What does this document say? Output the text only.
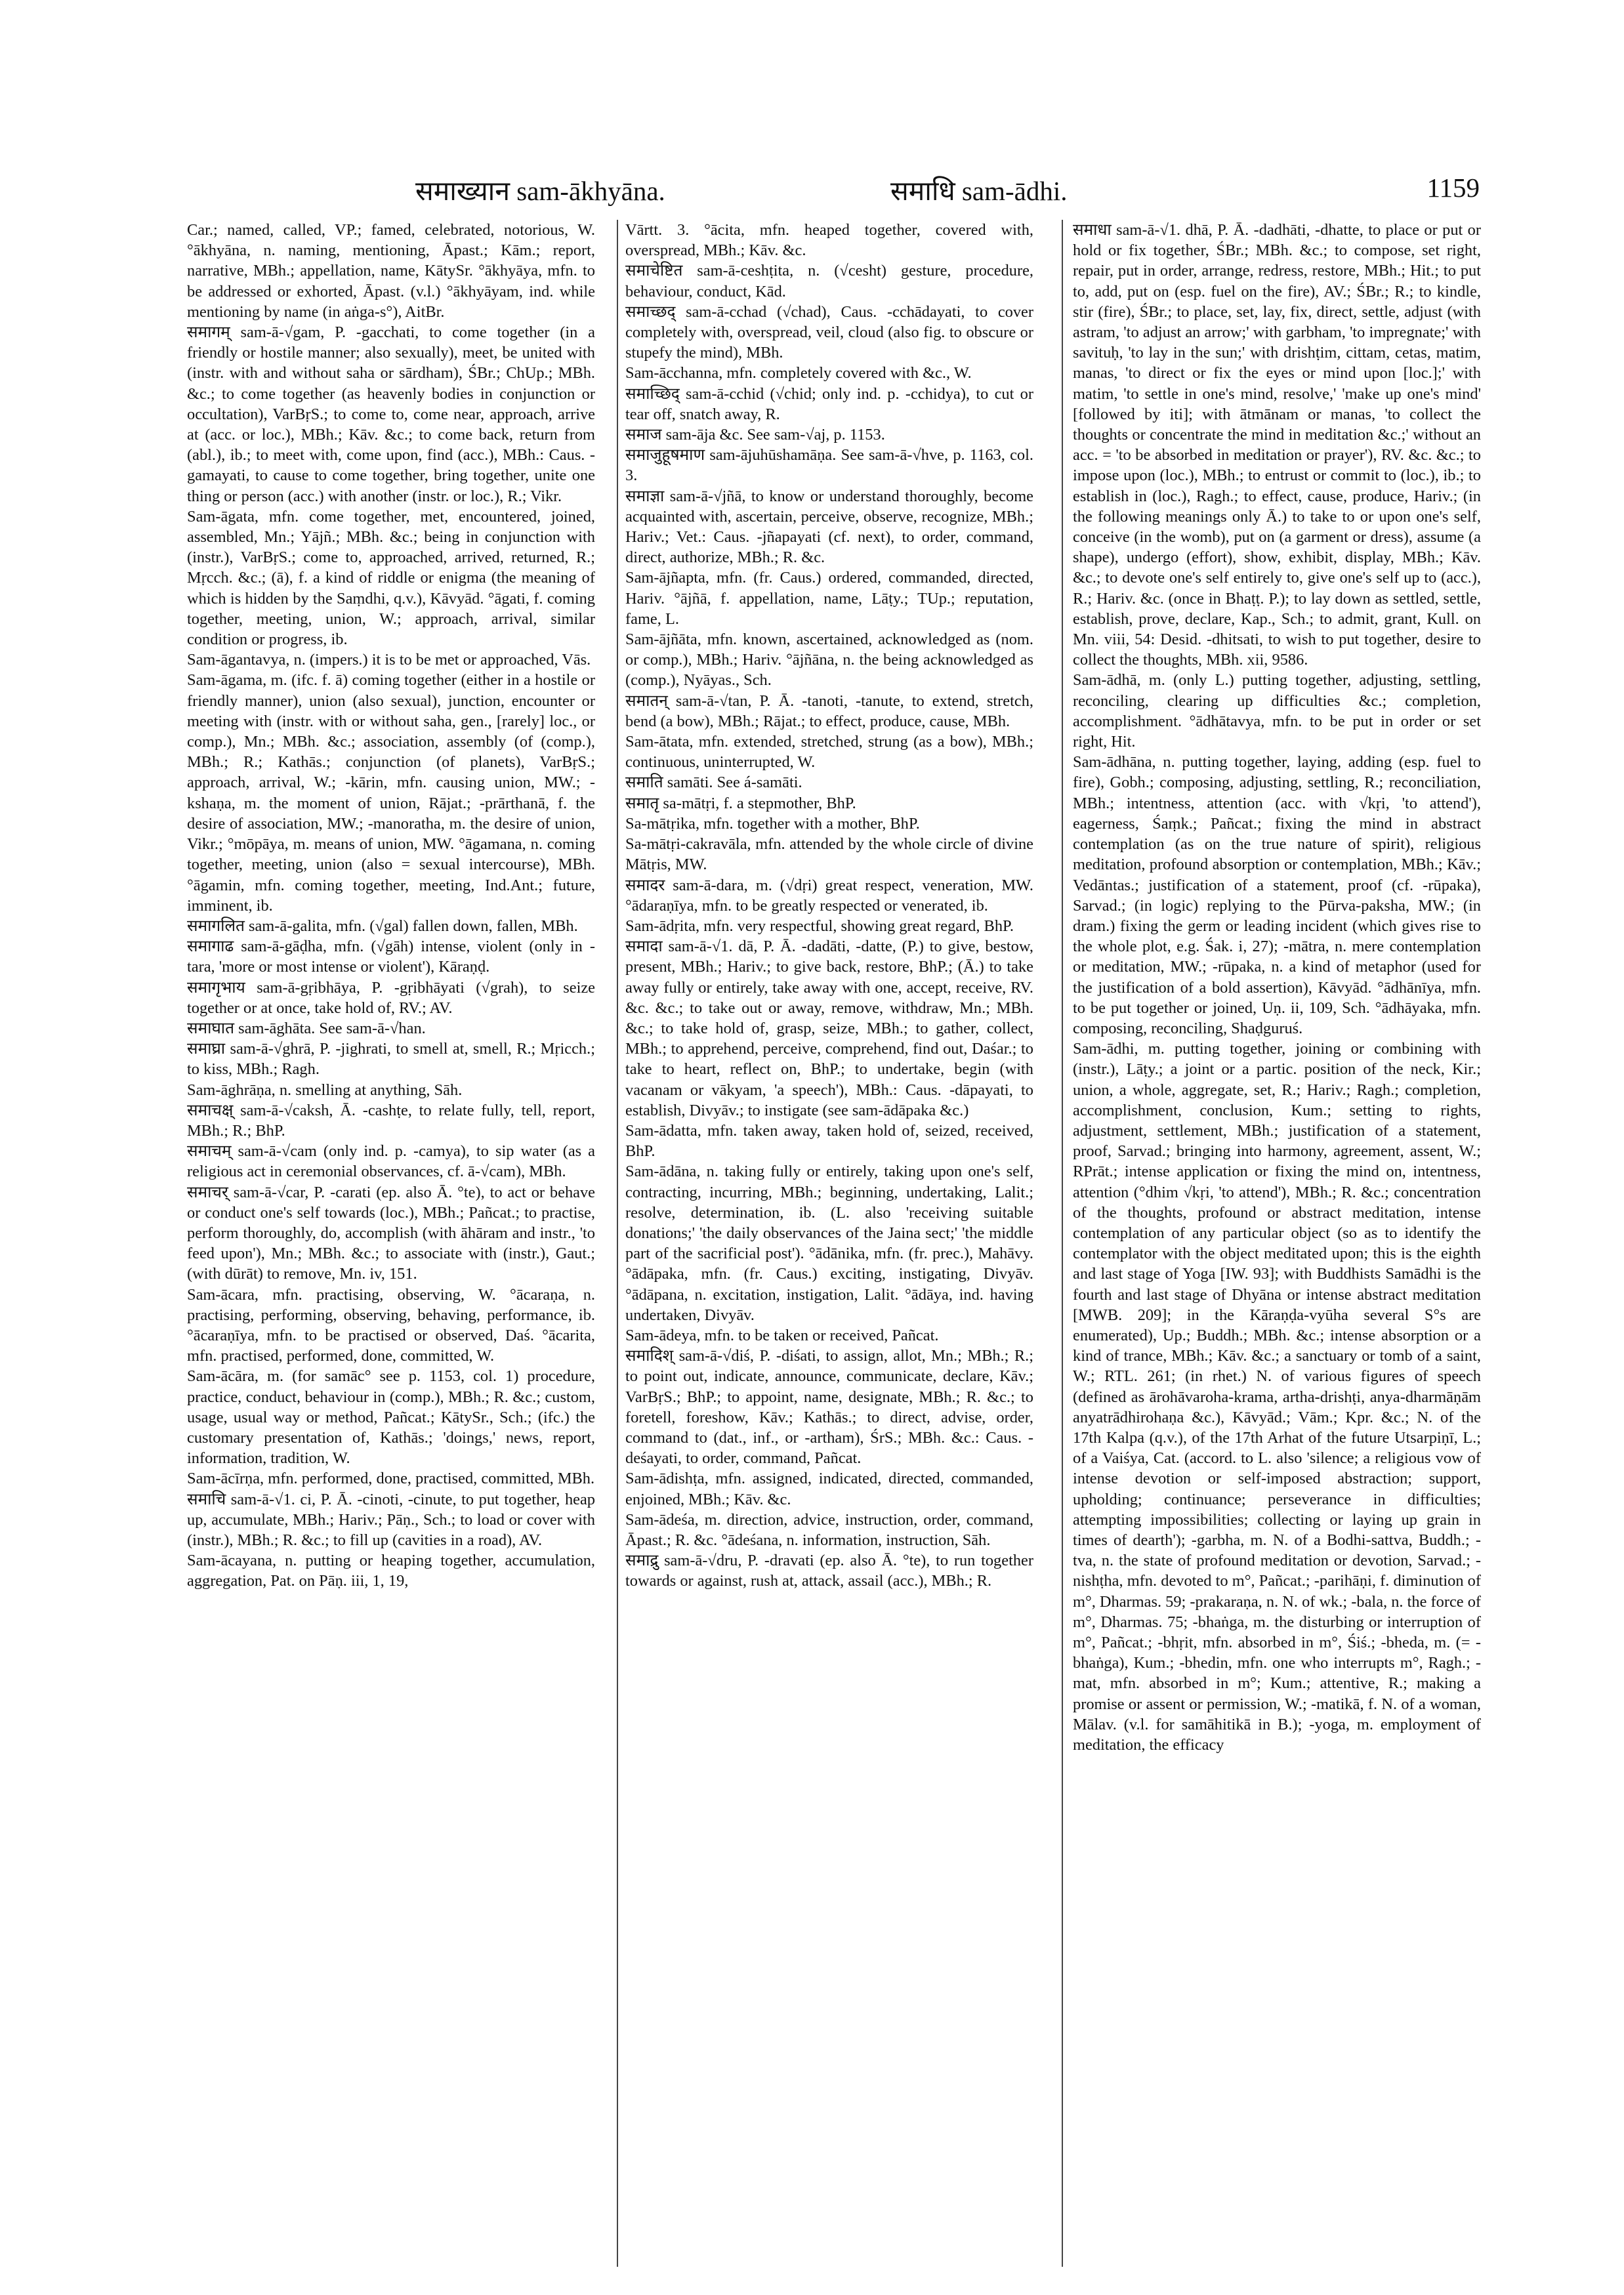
समाख्यान sam-ākhyāna.	समाधि sam-ādhi.	1159

Car.; named, called, VP.; famed, celebrated, notorious, W. °ākhyāna, n. naming, mentioning, Āpast.; Kām.; report, narrative, MBh.; appellation, name, KātySr. °ākhyāya, mfn. to be addressed or exhorted, Āpast. (v.l.) °ākhyāyam, ind. while mentioning by name (in aṅga-s°), AitBr.

समागम् sam-ā-√gam, P. -gacchati, to come together (in a friendly or hostile manner; also sexually), meet, be united with (instr. with and without saha or sārdham), ŚBr.; ChUp.; MBh. &c.; to come together (as heavenly bodies in conjunction or occultation), VarBṛS.; to come to, come near, approach, arrive at (acc. or loc.), MBh.; Kāv. &c.; to come back, return from (abl.), ib.; to meet with, come upon, find (acc.), MBh.: Caus. -gamayati, to cause to come together, bring together, unite one thing or person (acc.) with another (instr. or loc.), R.; Vikr.

Sam-āgata, mfn. come together, met, encountered, joined, assembled, Mn.; Yājñ.; MBh. &c.; being in conjunction with (instr.), VarBṛS.; come to, approached, arrived, returned, R.; Mṛcch. &c.; (ā), f. a kind of riddle or enigma (the meaning of which is hidden by the Saṃdhi, q.v.), Kāvyād. °āgati, f. coming together, meeting, union, W.; approach, arrival, similar condition or progress, ib.

Sam-āgantavya, n. (impers.) it is to be met or approached, Vās.

Sam-āgama, m. (ifc. f. ā) coming together (either in a hostile or friendly manner), union (also sexual), junction, encounter or meeting with (instr. with or without saha, gen., [rarely] loc., or comp.), Mn.; MBh. &c.; association, assembly (of (comp.), MBh.; R.; Kathās.; conjunction (of planets), VarBṛS.; approach, arrival, W.; -kārin, mfn. causing union, MW.; -kshaṇa, m. the moment of union, Rājat.; -prārthanā, f. the desire of association, MW.; -manoratha, m. the desire of union, Vikr.; °mōpāya, m. means of union, MW. °āgamana, n. coming together, meeting, union (also = sexual intercourse), MBh. °āgamin, mfn. coming together, meeting, Ind.Ant.; future, imminent, ib.

समागलित sam-ā-galita, mfn. (√gal) fallen down, fallen, MBh.

समागाढ sam-ā-gāḍha, mfn. (√gāh) intense, violent (only in -tara, 'more or most intense or violent'), Kāraṇḍ.

समागृभाय sam-ā-gṛibhāya, P. -gṛibhāyati (√grah), to seize together or at once, take hold of, RV.; AV.

समाघात sam-āghāta. See sam-ā-√han.

समाघ्रा sam-ā-√ghrā, P. -jighrati, to smell at, smell, R.; Mṛicch.; to kiss, MBh.; Ragh.

Sam-āghrāṇa, n. smelling at anything, Sāh.

समाचक्ष् sam-ā-√caksh, Ā. -cashṭe, to relate fully, tell, report, MBh.; R.; BhP.

समाचम् sam-ā-√cam (only ind. p. -camya), to sip water (as a religious act in ceremonial observances, cf. ā-√cam), MBh.

समाचर् sam-ā-√car, P. -carati (ep. also Ā. °te), to act or behave or conduct one's self towards (loc.), MBh.; Pañcat.; to practise, perform thoroughly, do, accomplish (with āhāram and instr., 'to feed upon'), Mn.; MBh. &c.; to associate with (instr.), Gaut.; (with dūrāt) to remove, Mn. iv, 151.

Sam-ācara, mfn. practising, observing, W. °ācaraṇa, n. practising, performing, observing, behaving, performance, ib. °ācaraṇīya, mfn. to be practised or observed, Daś. °ācarita, mfn. practised, performed, done, committed, W.

Sam-ācāra, m. (for samāc° see p. 1153, col. 1) procedure, practice, conduct, behaviour in (comp.), MBh.; R. &c.; custom, usage, usual way or method, Pañcat.; KātySr., Sch.; (ifc.) the customary presentation of, Kathās.; 'doings,' news, report, information, tradition, W.

Sam-ācīrṇa, mfn. performed, done, practised, committed, MBh.

समाचि sam-ā-√1. ci, P. Ā. -cinoti, -cinute, to put together, heap up, accumulate, MBh.; Hariv.; Pāṇ., Sch.; to load or cover with (instr.), MBh.; R. &c.; to fill up (cavities in a road), AV.

Sam-ācayana, n. putting or heaping together, accumulation, aggregation, Pat. on Pāṇ. iii, 1, 19,

Vārtt. 3. °ācita, mfn. heaped together, covered with, overspread, MBh.; Kāv. &c.

समाचेष्टित sam-ā-ceshṭita, n. (√cesht) gesture, procedure, behaviour, conduct, Kād.

समाच्छद् sam-ā-cchad (√chad), Caus. -cchādayati, to cover completely with, overspread, veil, cloud (also fig. to obscure or stupefy the mind), MBh.

Sam-ācchanna, mfn. completely covered with &c., W.

समाच्छिद् sam-ā-cchid (√chid; only ind. p. -cchidya), to cut or tear off, snatch away, R.

समाज sam-āja &c. See sam-√aj, p. 1153.

समाजुहूषमाण sam-ājuhūshamāṇa. See sam-ā-√hve, p. 1163, col. 3.

समाज्ञा sam-ā-√jñā, to know or understand thoroughly, become acquainted with, ascertain, perceive, observe, recognize, MBh.; Hariv.; Vet.: Caus. -jñapayati (cf. next), to order, command, direct, authorize, MBh.; R. &c.

Sam-ājñapta, mfn. (fr. Caus.) ordered, commanded, directed, Hariv. °ājñā, f. appellation, name, Lāṭy.; TUp.; reputation, fame, L.

Sam-ājñāta, mfn. known, ascertained, acknowledged as (nom. or comp.), MBh.; Hariv. °ājñāna, n. the being acknowledged as (comp.), Nyāyas., Sch.

समातन् sam-ā-√tan, P. Ā. -tanoti, -tanute, to extend, stretch, bend (a bow), MBh.; Rājat.; to effect, produce, cause, MBh.

Sam-ātata, mfn. extended, stretched, strung (as a bow), MBh.; continuous, uninterrupted, W.

समाति samāti. See á-samāti.

समातृ sa-mātṛi, f. a stepmother, BhP.

Sa-mātṛika, mfn. together with a mother, BhP.

Sa-mātṛi-cakravāla, mfn. attended by the whole circle of divine Mātṛis, MW.

समादर sam-ā-dara, m. (√dṛi) great respect, veneration, MW. °ādaraṇīya, mfn. to be greatly respected or venerated, ib.

Sam-ādṛita, mfn. very respectful, showing great regard, BhP.

समादा sam-ā-√1. dā, P. Ā. -dadāti, -datte, (P.) to give, bestow, present, MBh.; Hariv.; to give back, restore, BhP.; (Ā.) to take away fully or entirely, take away with one, accept, receive, RV. &c. &c.; to take out or away, remove, withdraw, Mn.; MBh. &c.; to take hold of, grasp, seize, MBh.; to gather, collect, MBh.; to apprehend, perceive, comprehend, find out, Daśar.; to take to heart, reflect on, BhP.; to undertake, begin (with vacanam or vākyam, 'a speech'), MBh.: Caus. -dāpayati, to establish, Divyāv.; to instigate (see sam-ādāpaka &c.)

Sam-ādatta, mfn. taken away, taken hold of, seized, received, BhP.

Sam-ādāna, n. taking fully or entirely, taking upon one's self, contracting, incurring, MBh.; beginning, undertaking, Lalit.; resolve, determination, ib. (L. also 'receiving suitable donations;' 'the daily observances of the Jaina sect;' 'the middle part of the sacrificial post'). °ādānika, mfn. (fr. prec.), Mahāvy. °ādāpaka, mfn. (fr. Caus.) exciting, instigating, Divyāv. °ādāpana, n. excitation, instigation, Lalit. °ādāya, ind. having undertaken, Divyāv.

Sam-ādeya, mfn. to be taken or received, Pañcat.

समादिश् sam-ā-√diś, P. -diśati, to assign, allot, Mn.; MBh.; R.; to point out, indicate, announce, communicate, declare, Kāv.; VarBṛS.; BhP.; to appoint, name, designate, MBh.; R. &c.; to foretell, foreshow, Kāv.; Kathās.; to direct, advise, order, command to (dat., inf., or -artham), ŚrS.; MBh. &c.: Caus. -deśayati, to order, command, Pañcat.

Sam-ādishṭa, mfn. assigned, indicated, directed, commanded, enjoined, MBh.; Kāv. &c.

Sam-ādeśa, m. direction, advice, instruction, order, command, Āpast.; R. &c. °ādeśana, n. information, instruction, Sāh.

समाद्रु sam-ā-√dru, P. -dravati (ep. also Ā. °te), to run together towards or against, rush at, attack, assail (acc.), MBh.; R.

समाधा sam-ā-√1. dhā, P. Ā. -dadhāti, -dhatte, to place or put or hold or fix together, ŚBr.; MBh. &c.; to compose, set right, repair, put in order, arrange, redress, restore, MBh.; Hit.; to put to, add, put on (esp. fuel on the fire), AV.; ŚBr.; R.; to kindle, stir (fire), ŚBr.; to place, set, lay, fix, direct, settle, adjust (with astram, 'to adjust an arrow;' with garbham, 'to impregnate;' with savituḥ, 'to lay in the sun;' with drishṭim, cittam, cetas, matim, manas, 'to direct or fix the eyes or mind upon [loc.];' with matim, 'to settle in one's mind, resolve,' 'make up one's mind' [followed by iti]; with ātmānam or manas, 'to collect the thoughts or concentrate the mind in meditation &c.;' without an acc. = 'to be absorbed in meditation or prayer'), RV. &c. &c.; to impose upon (loc.), MBh.; to entrust or commit to (loc.), ib.; to establish in (loc.), Ragh.; to effect, cause, produce, Hariv.; (in the following meanings only Ā.) to take to or upon one's self, conceive (in the womb), put on (a garment or dress), assume (a shape), undergo (effort), show, exhibit, display, MBh.; Kāv. &c.; to devote one's self entirely to, give one's self up to (acc.), R.; Hariv. &c. (once in Bhaṭṭ. P.); to lay down as settled, settle, establish, prove, declare, Kap., Sch.; to admit, grant, Kull. on Mn. viii, 54: Desid. -dhitsati, to wish to put together, desire to collect the thoughts, MBh. xii, 9586.

Sam-ādhā, m. (only L.) putting together, adjusting, settling, reconciling, clearing up difficulties &c.; completion, accomplishment. °ādhātavya, mfn. to be put in order or set right, Hit.

Sam-ādhāna, n. putting together, laying, adding (esp. fuel to fire), Gobh.; composing, adjusting, settling, R.; reconciliation, MBh.; intentness, attention (acc. with √kṛi, 'to attend'), eagerness, Śaṃk.; Pañcat.; fixing the mind in abstract contemplation (as on the true nature of spirit), religious meditation, profound absorption or contemplation, MBh.; Kāv.; Vedāntas.; justification of a statement, proof (cf. -rūpaka), Sarvad.; (in logic) replying to the Pūrva-paksha, MW.; (in dram.) fixing the germ or leading incident (which gives rise to the whole plot, e.g. Śak. i, 27); -mātra, n. mere contemplation or meditation, MW.; -rūpaka, n. a kind of metaphor (used for the justification of a bold assertion), Kāvyād. °ādhānīya, mfn. to be put together or joined, Uṇ. ii, 109, Sch. °ādhāyaka, mfn. composing, reconciling, Shaḍguruś.

Sam-ādhi, m. putting together, joining or combining with (instr.), Lāṭy.; a joint or a partic. position of the neck, Kir.; union, a whole, aggregate, set, R.; Hariv.; Ragh.; completion, accomplishment, conclusion, Kum.; setting to rights, adjustment, settlement, MBh.; justification of a statement, proof, Sarvad.; bringing into harmony, agreement, assent, W.; RPrāt.; intense application or fixing the mind on, intentness, attention (°dhim √kṛi, 'to attend'), MBh.; R. &c.; concentration of the thoughts, profound or abstract meditation, intense contemplation of any particular object (so as to identify the contemplator with the object meditated upon; this is the eighth and last stage of Yoga [IW. 93]; with Buddhists Samādhi is the fourth and last stage of Dhyāna or intense abstract meditation [MWB. 209]; in the Kāraṇḍa-vyūha several S°s are enumerated), Up.; Buddh.; MBh. &c.; intense absorption or a kind of trance, MBh.; Kāv. &c.; a sanctuary or tomb of a saint, W.; RTL. 261; (in rhet.) N. of various figures of speech (defined as ārohāvaroha-krama, artha-drishṭi, anya-dharmāṇām anyatrādhirohaṇa &c.), Kāvyād.; Vām.; Kpr. &c.; N. of the 17th Kalpa (q.v.), of the 17th Arhat of the future Utsarpiṇī, L.; of a Vaiśya, Cat. (accord. to L. also 'silence; a religious vow of intense devotion or self-imposed abstraction; support, upholding; continuance; perseverance in difficulties; attempting impossibilities; collecting or laying up grain in times of dearth'); -garbha, m. N. of a Bodhi-sattva, Buddh.; -tva, n. the state of profound meditation or devotion, Sarvad.; -nishṭha, mfn. devoted to m°, Pañcat.; -parihāṇi, f. diminution of m°, Dharmas. 59; -prakaraṇa, n. N. of wk.; -bala, n. the force of m°, Dharmas. 75; -bhaṅga, m. the disturbing or interruption of m°, Pañcat.; -bhṛit, mfn. absorbed in m°, Śiś.; -bheda, m. (= -bhaṅga), Kum.; -bhedin, mfn. one who interrupts m°, Ragh.; -mat, mfn. absorbed in m°; Kum.; attentive, R.; making a promise or assent or permission, W.; -matikā, f. N. of a woman, Mālav. (v.l. for samāhitikā in B.); -yoga, m. employment of meditation, the efficacy
